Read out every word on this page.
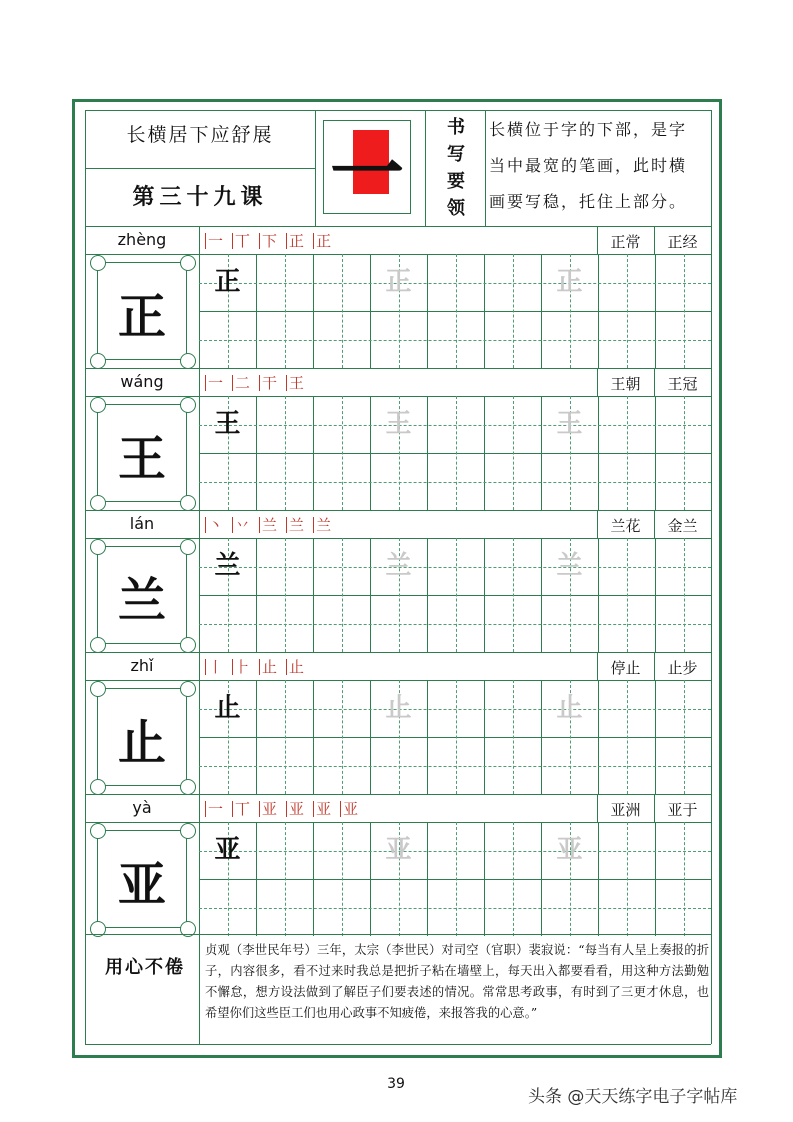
长横居下应舒展
第三十九课 一
书
写
要
领
长横位于字的下部，是字
当中最宽的笔画，此时横
画要写稳，托住上部分。
zhèng	一 丅 下 正 正	正常	正经
正
正	正	正
wáng	一 二 干 王	王朝	王冠
王
王	王	王
lán	丶 丷 兰 兰 兰	兰花	金兰
兰
兰	兰	兰
zhǐ	丨 ⺊ 止 止	停止	止步
止
止	止	止
yà	一 丅 亚 亚 亚 亚	亚洲	亚于
亚
亚	亚	亚
用心不倦
贞观（李世民年号）三年，太宗（李世民）对司空（官职）裴寂说：“每当有人呈上奏报的折子，内容很多，看不过来时我总是把折子粘在墙壁上，每天出入都要看看，用这种方法勤勉不懈怠，想方设法做到了解臣子们要表述的情况。常常思考政事，有时到了三更才休息，也希望你们这些臣工们也用心政事不知疲倦，来报答我的心意。”
39
头条 @天天练字电子字帖库
